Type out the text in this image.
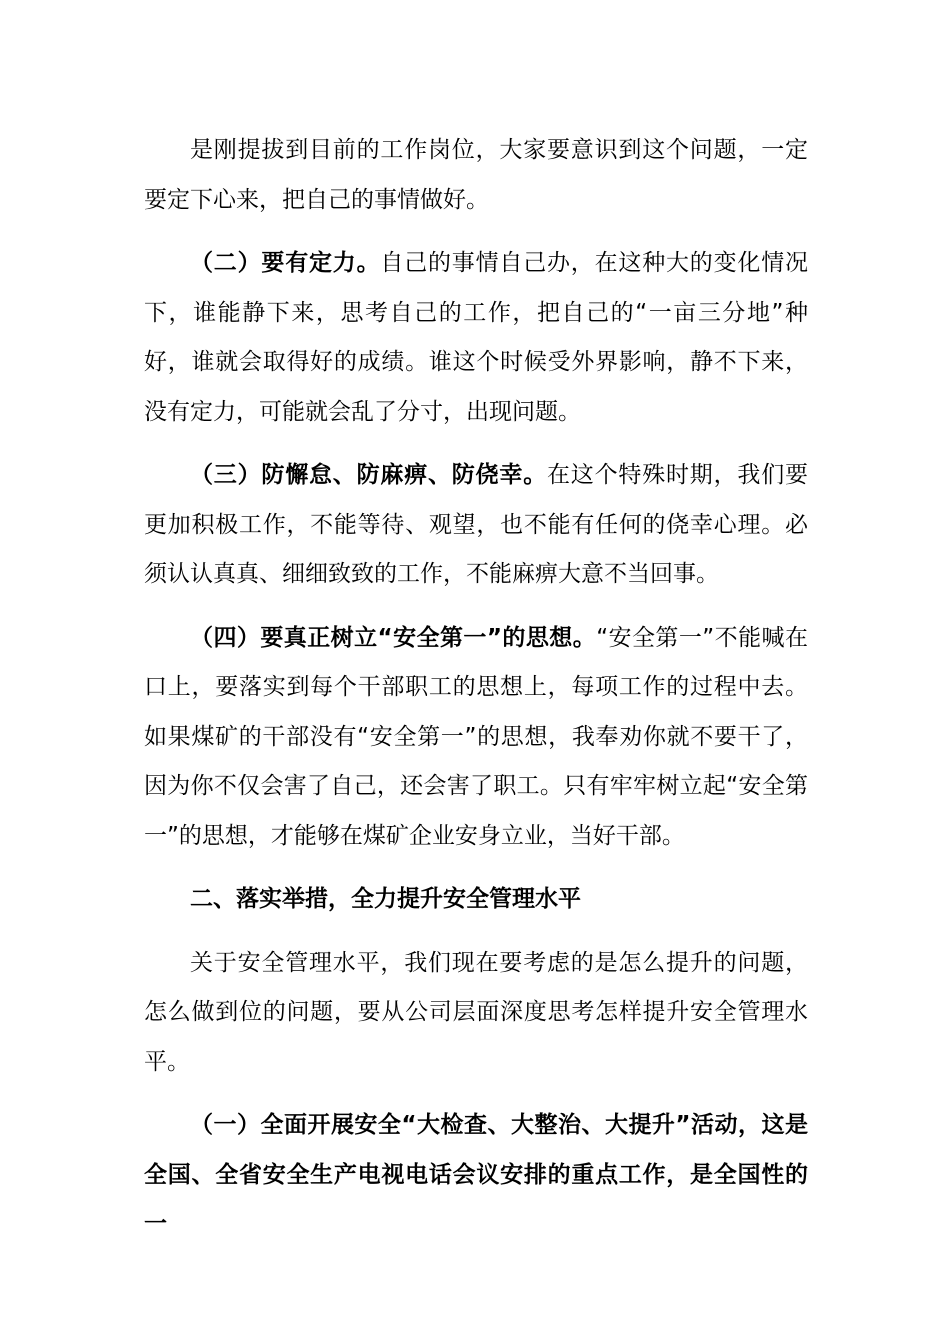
是刚提拔到目前的工作岗位，大家要意识到这个问题，一定要定下心来，把自己的事情做好。

（二）要有定力。自己的事情自己办，在这种大的变化情况下，谁能静下来，思考自己的工作，把自己的“一亩三分地”种好，谁就会取得好的成绩。谁这个时候受外界影响，静不下来，没有定力，可能就会乱了分寸，出现问题。

（三）防懈怠、防麻痹、防侥幸。在这个特殊时期，我们要更加积极工作，不能等待、观望，也不能有任何的侥幸心理。必须认认真真、细细致致的工作，不能麻痹大意不当回事。

（四）要真正树立“安全第一”的思想。“安全第一”不能喊在口上，要落实到每个干部职工的思想上，每项工作的过程中去。如果煤矿的干部没有“安全第一”的思想，我奉劝你就不要干了，因为你不仅会害了自己，还会害了职工。只有牢牢树立起“安全第一”的思想，才能够在煤矿企业安身立业，当好干部。

二、落实举措，全力提升安全管理水平

关于安全管理水平，我们现在要考虑的是怎么提升的问题，怎么做到位的问题，要从公司层面深度思考怎样提升安全管理水平。

（一）全面开展安全“大检查、大整治、大提升”活动，这是全国、全省安全生产电视电话会议安排的重点工作，是全国性的一
